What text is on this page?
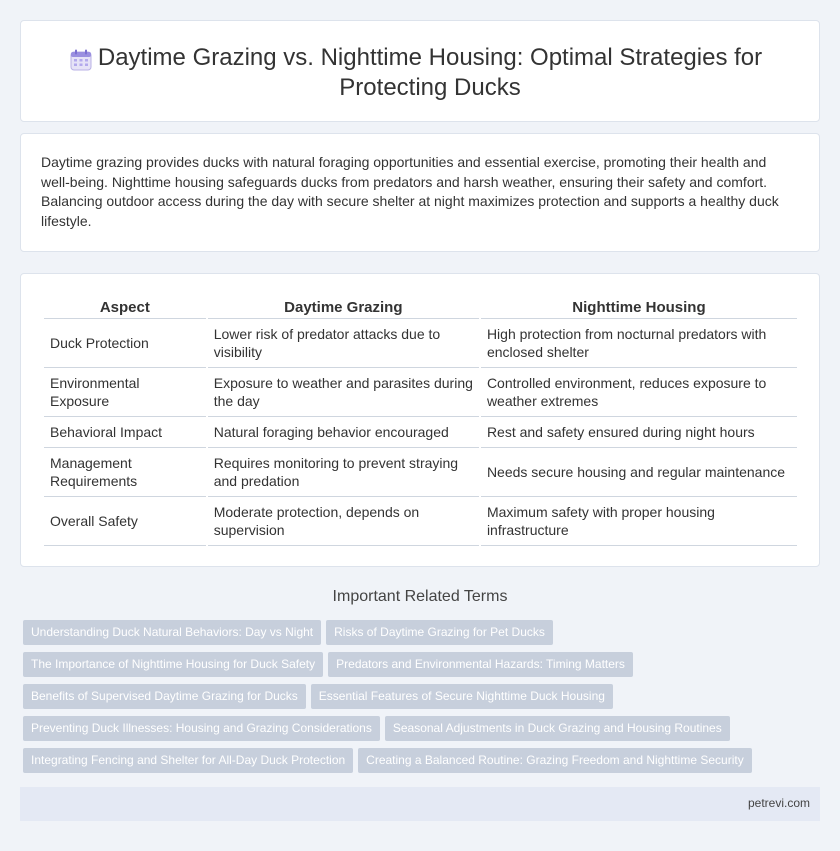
Daytime Grazing vs. Nighttime Housing: Optimal Strategies for Protecting Ducks

Daytime grazing provides ducks with natural foraging opportunities and essential exercise, promoting their health and well-being. Nighttime housing safeguards ducks from predators and harsh weather, ensuring their safety and comfort. Balancing outdoor access during the day with secure shelter at night maximizes protection and supports a healthy duck lifestyle.

Aspect	Daytime Grazing	Nighttime Housing
Duck Protection	Lower risk of predator attacks due to visibility	High protection from nocturnal predators with enclosed shelter
Environmental Exposure	Exposure to weather and parasites during the day	Controlled environment, reduces exposure to weather extremes
Behavioral Impact	Natural foraging behavior encouraged	Rest and safety ensured during night hours
Management Requirements	Requires monitoring to prevent straying and predation	Needs secure housing and regular maintenance
Overall Safety	Moderate protection, depends on supervision	Maximum safety with proper housing infrastructure
Important Related Terms
Understanding Duck Natural Behaviors: Day vs Night Risks of Daytime Grazing for Pet Ducks
The Importance of Nighttime Housing for Duck Safety Predators and Environmental Hazards: Timing Matters
Benefits of Supervised Daytime Grazing for Ducks Essential Features of Secure Nighttime Duck Housing
Preventing Duck Illnesses: Housing and Grazing Considerations Seasonal Adjustments in Duck Grazing and Housing Routines
Integrating Fencing and Shelter for All-Day Duck Protection Creating a Balanced Routine: Grazing Freedom and Nighttime Security
petrevi.com
